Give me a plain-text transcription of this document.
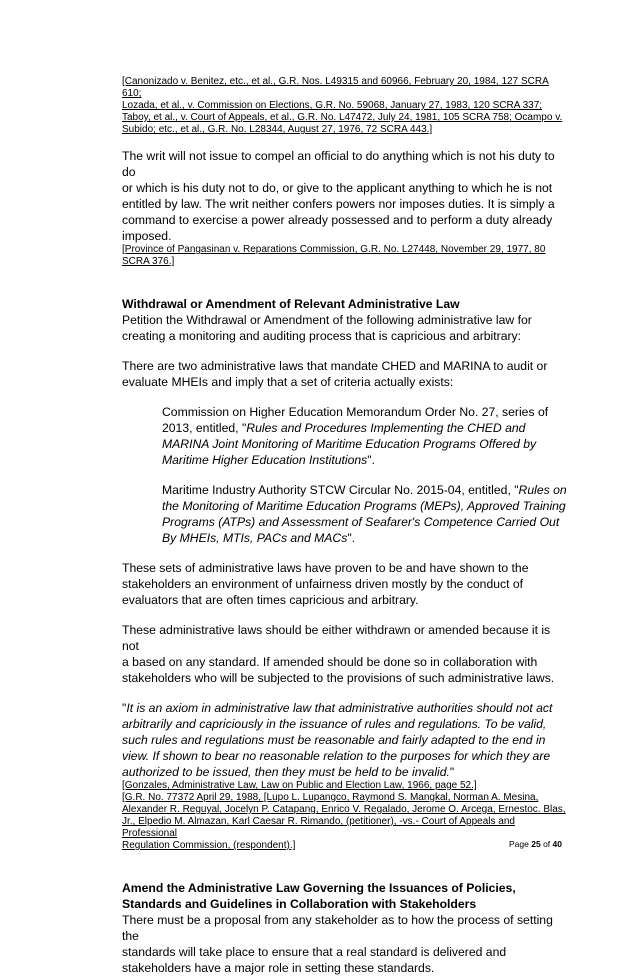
[Canonizado v. Benitez, etc., et al., G.R. Nos. L49315 and 60966, February 20, 1984, 127 SCRA 610;
Lozada, et al., v. Commission on Elections, G.R. No. 59068, January 27, 1983, 120 SCRA 337;
Taboy, et al., v. Court of Appeals, et al., G.R. No. L47472, July 24, 1981, 105 SCRA 758; Ocampo v.
Subido; etc., et al., G.R. No. L28344, August 27, 1976, 72 SCRA 443.]
The writ will not issue to compel an official to do anything which is not his duty to do
or which is his duty not to do, or give to the applicant anything to which he is not
entitled by law. The writ neither confers powers nor imposes duties. It is simply a
command to exercise a power already possessed and to perform a duty already
imposed.
[Province of Pangasinan v. Reparations Commission, G.R. No. L27448, November 29, 1977, 80
SCRA 376.]
Withdrawal or Amendment of Relevant Administrative Law
Petition the Withdrawal or Amendment of the following administrative law for
creating a monitoring and auditing process that is capricious and arbitrary:
There are two administrative laws that mandate CHED and MARINA to audit or
evaluate MHEIs and imply that a set of criteria actually exists:
Commission on Higher Education Memorandum Order No. 27, series of
2013, entitled, "Rules and Procedures Implementing the CHED and
MARINA Joint Monitoring of Maritime Education Programs Offered by
Maritime Higher Education Institutions".
Maritime Industry Authority STCW Circular No. 2015-04, entitled, "Rules on
the Monitoring of Maritime Education Programs (MEPs), Approved Training
Programs (ATPs) and Assessment of Seafarer's Competence Carried Out
By MHEIs, MTIs, PACs and MACs".
These sets of administrative laws have proven to be and have shown to the
stakeholders an environment of unfairness driven mostly by the conduct of
evaluators that are often times capricious and arbitrary.
These administrative laws should be either withdrawn or amended because it is not
a based on any standard. If amended should be done so in collaboration with
stakeholders who will be subjected to the provisions of such administrative laws.
"It is an axiom in administrative law that administrative authorities should not act
arbitrarily and capriciously in the issuance of rules and regulations. To be valid,
such rules and regulations must be reasonable and fairly adapted to the end in
view. If shown to bear no reasonable relation to the purposes for which they are
authorized to be issued, then they must be held to be invalid."
[Gonzales, Administrative Law, Law on Public and Election Law, 1966, page 52.]
[G.R. No. 77372 April 29, 1988, [Lupo L. Lupangco, Raymond S. Mangkal, Norman A. Mesina,
Alexander R. Reguyal, Jocelyn P. Catapang, Enrico V. Regalado, Jerome O. Arcega, Ernestoc. Blas,
Jr., Elpedio M. Almazan, Karl Caesar R. Rimando, (petitioner), -vs.- Court of Appeals and Professional
Regulation Commission, (respondent).]
Amend the Administrative Law Governing the Issuances of Policies,
Standards and Guidelines in Collaboration with Stakeholders
There must be a proposal from any stakeholder as to how the process of setting the
standards will take place to ensure that a real standard is delivered and
stakeholders have a major role in setting these standards.
Page 25 of 40
